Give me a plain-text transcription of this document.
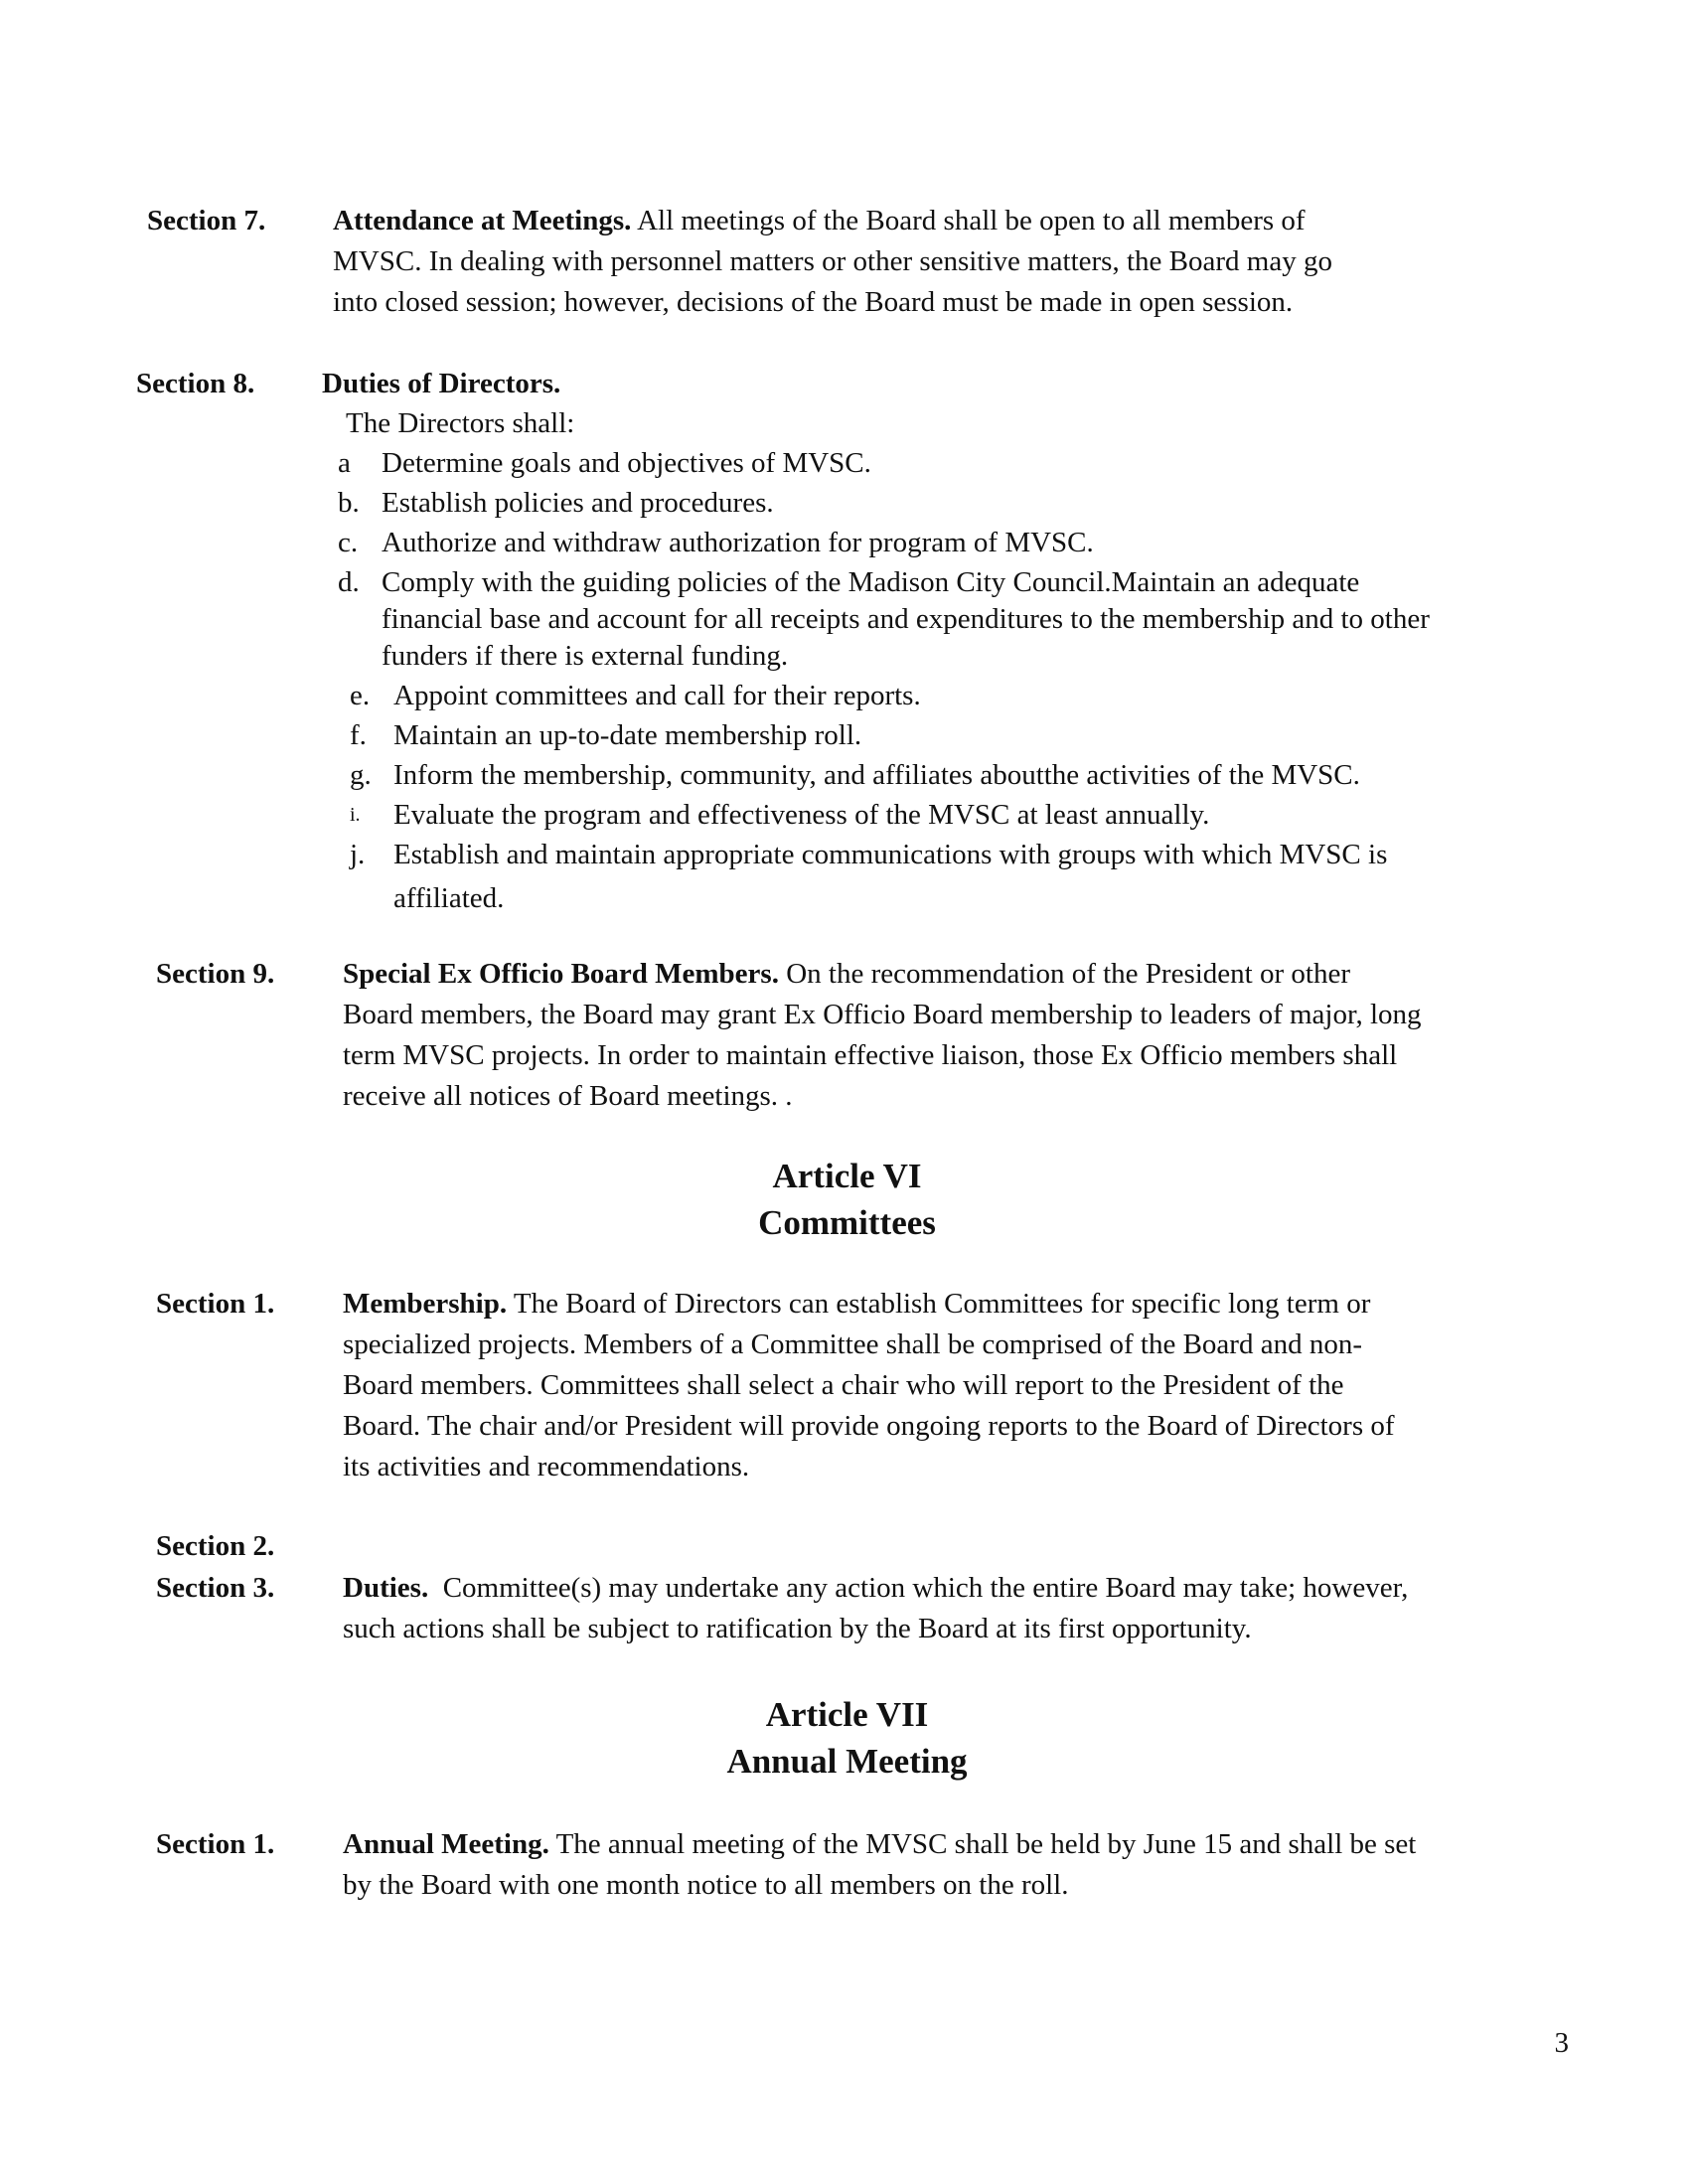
Section 7. Attendance at Meetings. All meetings of the Board shall be open to all members of
MVSC. In dealing with personnel matters or other sensitive matters, the Board may go
into closed session; however, decisions of the Board must be made in open session.
Section 8. Duties of Directors.
The Directors shall:
a Determine goals and objectives of MVSC.
b. Establish policies and procedures.
c. Authorize and withdraw authorization for program of MVSC.
d. Comply with the guiding policies of the Madison City Council.Maintain an adequate
financial base and account for all receipts and expenditures to the membership and to other
funders if there is external funding.
e. Appoint committees and call for their reports.
f. Maintain an up-to-date membership roll.
g. Inform the membership, community, and affiliates aboutthe activities of the MVSC.
i. Evaluate the program and effectiveness of the MVSC at least annually.
j. Establish and maintain appropriate communications with groups with which MVSC is
affiliated.
Section 9. Special Ex Officio Board Members. On the recommendation of the President or other
Board members, the Board may grant Ex Officio Board membership to leaders of major, long
term MVSC projects. In order to maintain effective liaison, those Ex Officio members shall
receive all notices of Board meetings. .
Article VI
Committees
Section 1. Membership. The Board of Directors can establish Committees for specific long term or
specialized projects. Members of a Committee shall be comprised of the Board and non-
Board members. Committees shall select a chair who will report to the President of the
Board. The chair and/or President will provide ongoing reports to the Board of Directors of
its activities and recommendations.
Section 2.
Section 3. Duties.  Committee(s) may undertake any action which the entire Board may take; however,
such actions shall be subject to ratification by the Board at its first opportunity.
Article VII
Annual Meeting
Section 1. Annual Meeting. The annual meeting of the MVSC shall be held by June 15 and shall be set
by the Board with one month notice to all members on the roll.
3
